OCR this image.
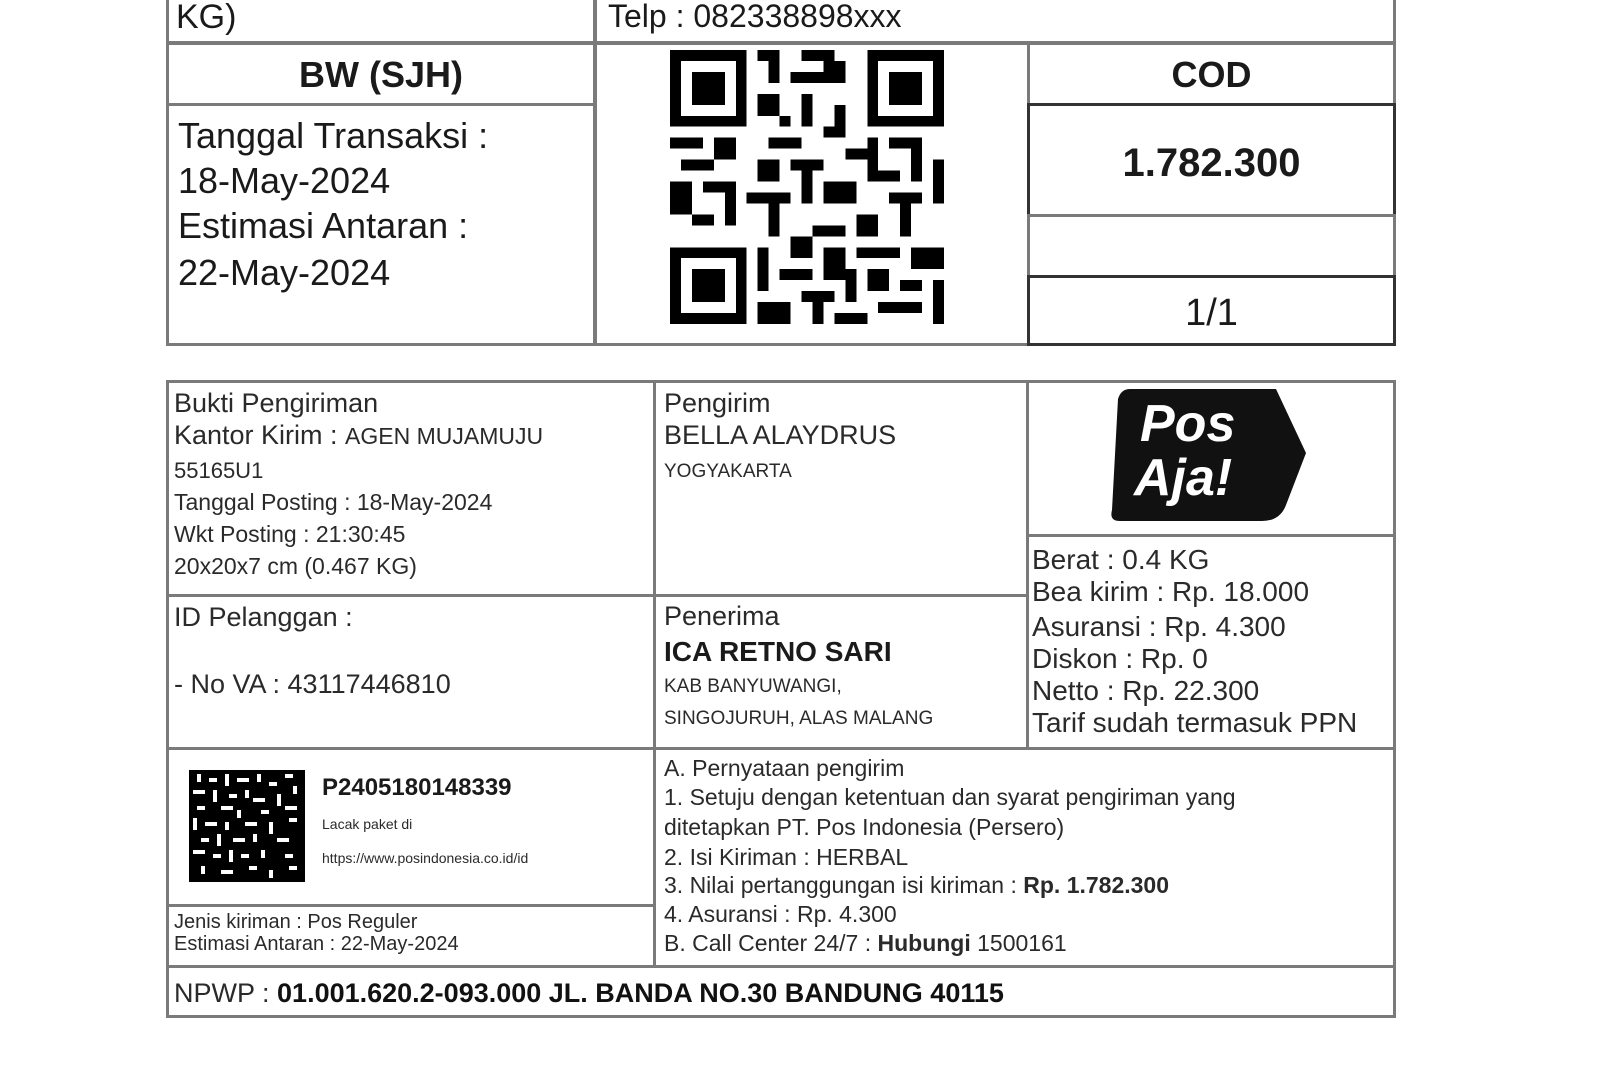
KG)	Telp : 082338898xxx
BW (SJH)
Tanggal Transaksi :
18-May-2024
Estimasi Antaran :
22-May-2024
COD
1.782.300
1/1
Bukti Pengiriman
Kantor Kirim : AGEN MUJAMUJU
55165U1
Tanggal Posting : 18-May-2024
Wkt Posting : 21:30:45
20x20x7 cm (0.467 KG)
Pengirim
BELLA ALAYDRUS
YOGYAKARTA
Pos
Aja!
ID Pelanggan :
- No VA : 43117446810
Penerima
ICA RETNO SARI
KAB BANYUWANGI,
SINGOJURUH, ALAS MALANG
Berat : 0.4 KG
Bea kirim : Rp. 18.000
Asuransi : Rp. 4.300
Diskon : Rp. 0
Netto : Rp. 22.300
Tarif sudah termasuk PPN
P2405180148339
Lacak paket di
https://www.posindonesia.co.id/id
Jenis kiriman : Pos Reguler
Estimasi Antaran : 22-May-2024
A. Pernyataan pengirim
1. Setuju dengan ketentuan dan syarat pengiriman yang
ditetapkan PT. Pos Indonesia (Persero)
2. Isi Kiriman : HERBAL
3. Nilai pertanggungan isi kiriman : Rp. 1.782.300
4. Asuransi : Rp. 4.300
B. Call Center 24/7 : Hubungi 1500161
NPWP : 01.001.620.2-093.000 JL. BANDA NO.30 BANDUNG 40115
